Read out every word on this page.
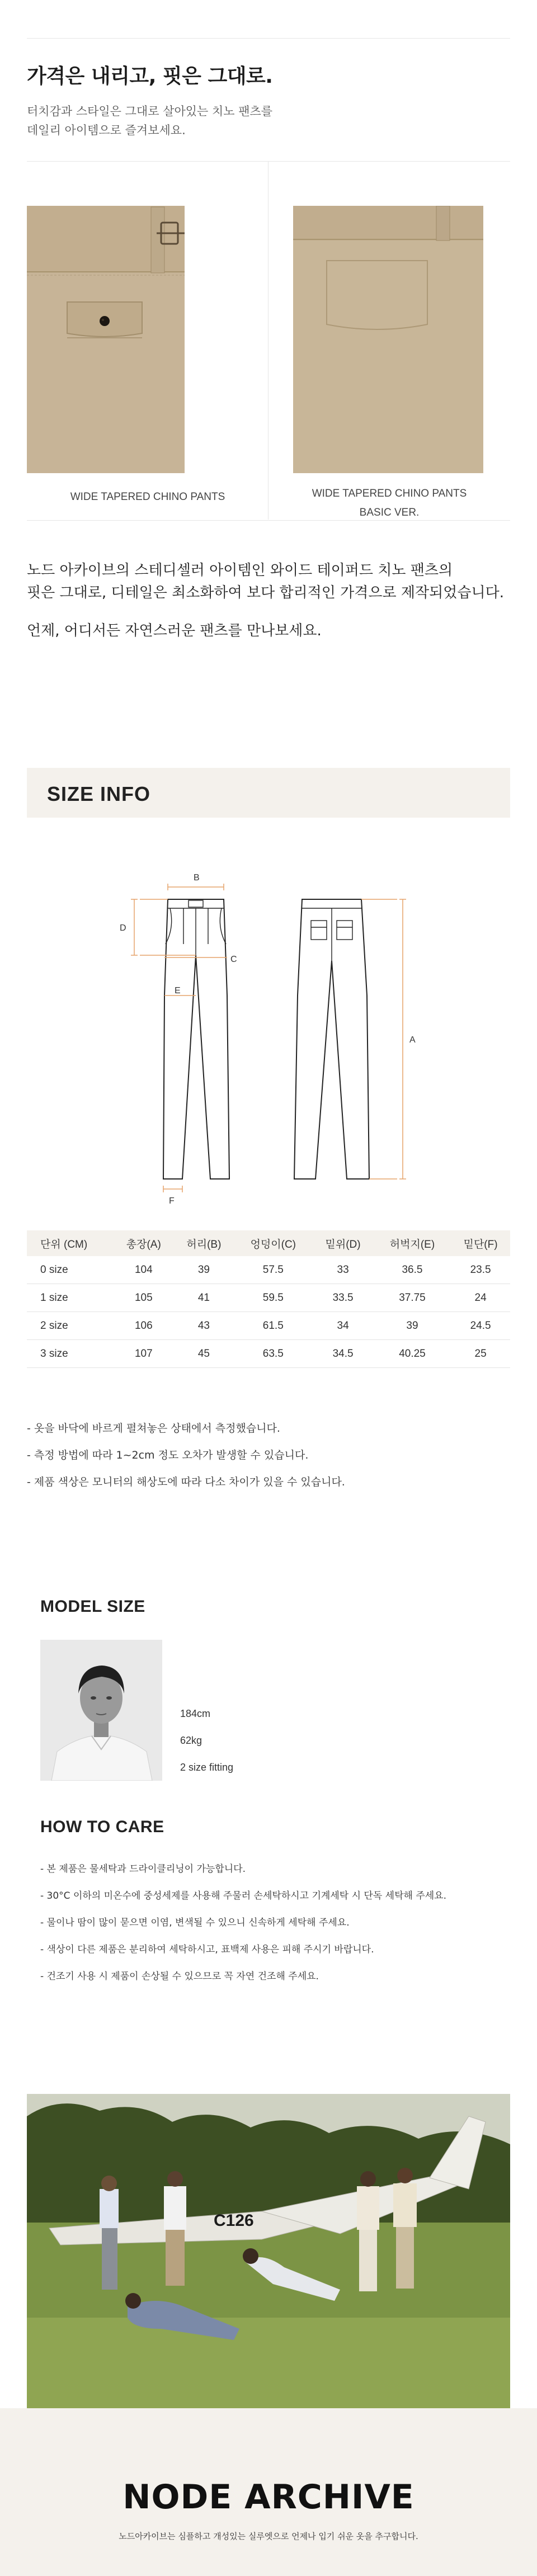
가격은 내리고, 핏은 그대로.
터치감과 스타일은 그대로 살아있는 치노 팬츠를
데일리 아이템으로 즐겨보세요.
WIDE TAPERED CHINO PANTS	WIDE TAPERED CHINO PANTS
BASIC VER.
노드 아카이브의 스테디셀러 아이템인 와이드 테이퍼드 치노 팬츠의
핏은 그대로, 디테일은 최소화하여 보다 합리적인 가격으로 제작되었습니다.
언제, 어디서든 자연스러운 팬츠를 만나보세요.
SIZE INFO
B
D
C
E
A
F
단위 (CM)	총장(A)	허리(B)	엉덩이(C)	밑위(D)	허벅지(E)	밑단(F)
0 size	104	39	57.5	33	36.5	23.5
1 size	105	41	59.5	33.5	37.75	24
2 size	106	43	61.5	34	39	24.5
3 size	107	45	63.5	34.5	40.25	25
- 옷을 바닥에 바르게 펼쳐놓은 상태에서 측정했습니다.
- 측정 방법에 따라 1~2cm 정도 오차가 발생할 수 있습니다.
- 제품 색상은 모니터의 해상도에 따라 다소 차이가 있을 수 있습니다.
MODEL SIZE
184cm
62kg
2 size fitting
HOW TO CARE
- 본 제품은 물세탁과 드라이클리닝이 가능합니다.
- 30°C 이하의 미온수에 중성세제를 사용해 주물러 손세탁하시고 기계세탁 시 단독 세탁해 주세요.
- 물이나 땀이 많이 묻으면 이염, 변색될 수 있으니 신속하게 세탁해 주세요.
- 색상이 다른 제품은 분리하여 세탁하시고, 표백제 사용은 피해 주시기 바랍니다.
- 건조기 사용 시 제품이 손상될 수 있으므로 꼭 자연 건조해 주세요.
C126
NODE ARCHIVE
노드아카이브는 심플하고 개성있는 실루엣으로 언제나 입기 쉬운 옷을 추구합니다.
